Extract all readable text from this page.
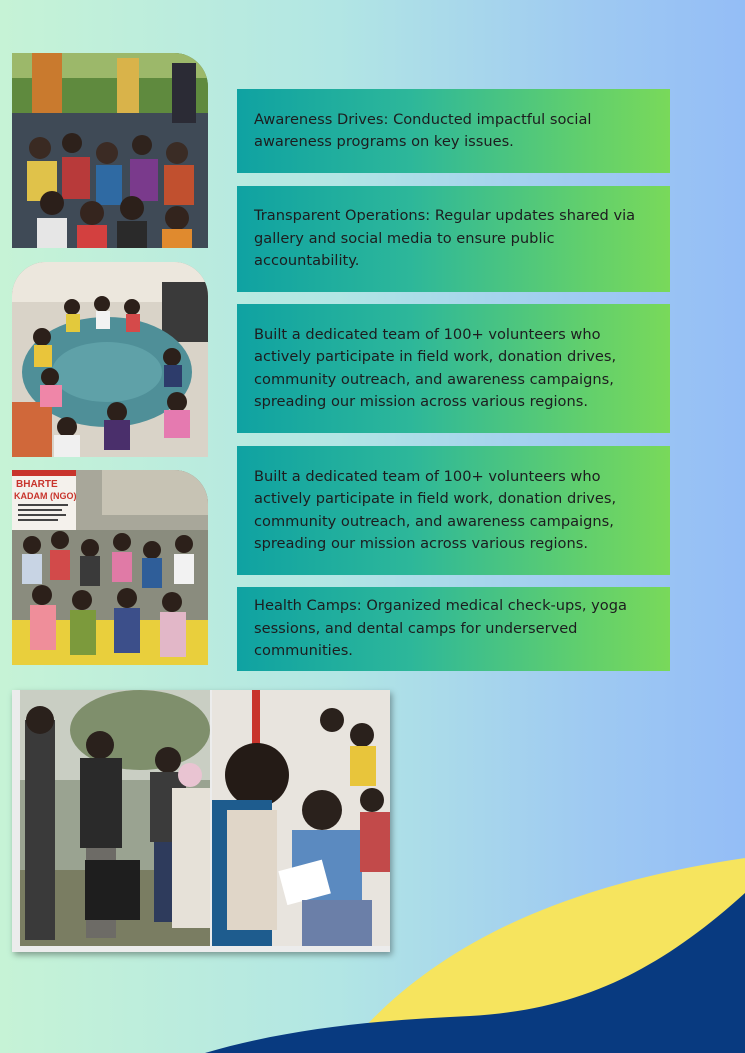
BHARTE
KADAM (NGO)

Awareness Drives: Conducted impactful social awareness programs on key issues.

Transparent Operations: Regular updates shared via gallery and social media to ensure public accountability.

Built a dedicated team of 100+ volunteers who actively participate in field work, donation drives, community outreach, and awareness campaigns, spreading our mission across various regions.

Built a dedicated team of 100+ volunteers who actively participate in field work, donation drives, community outreach, and awareness campaigns, spreading our mission across various regions.

Health Camps: Organized medical check-ups, yoga sessions, and dental camps for underserved communities.
